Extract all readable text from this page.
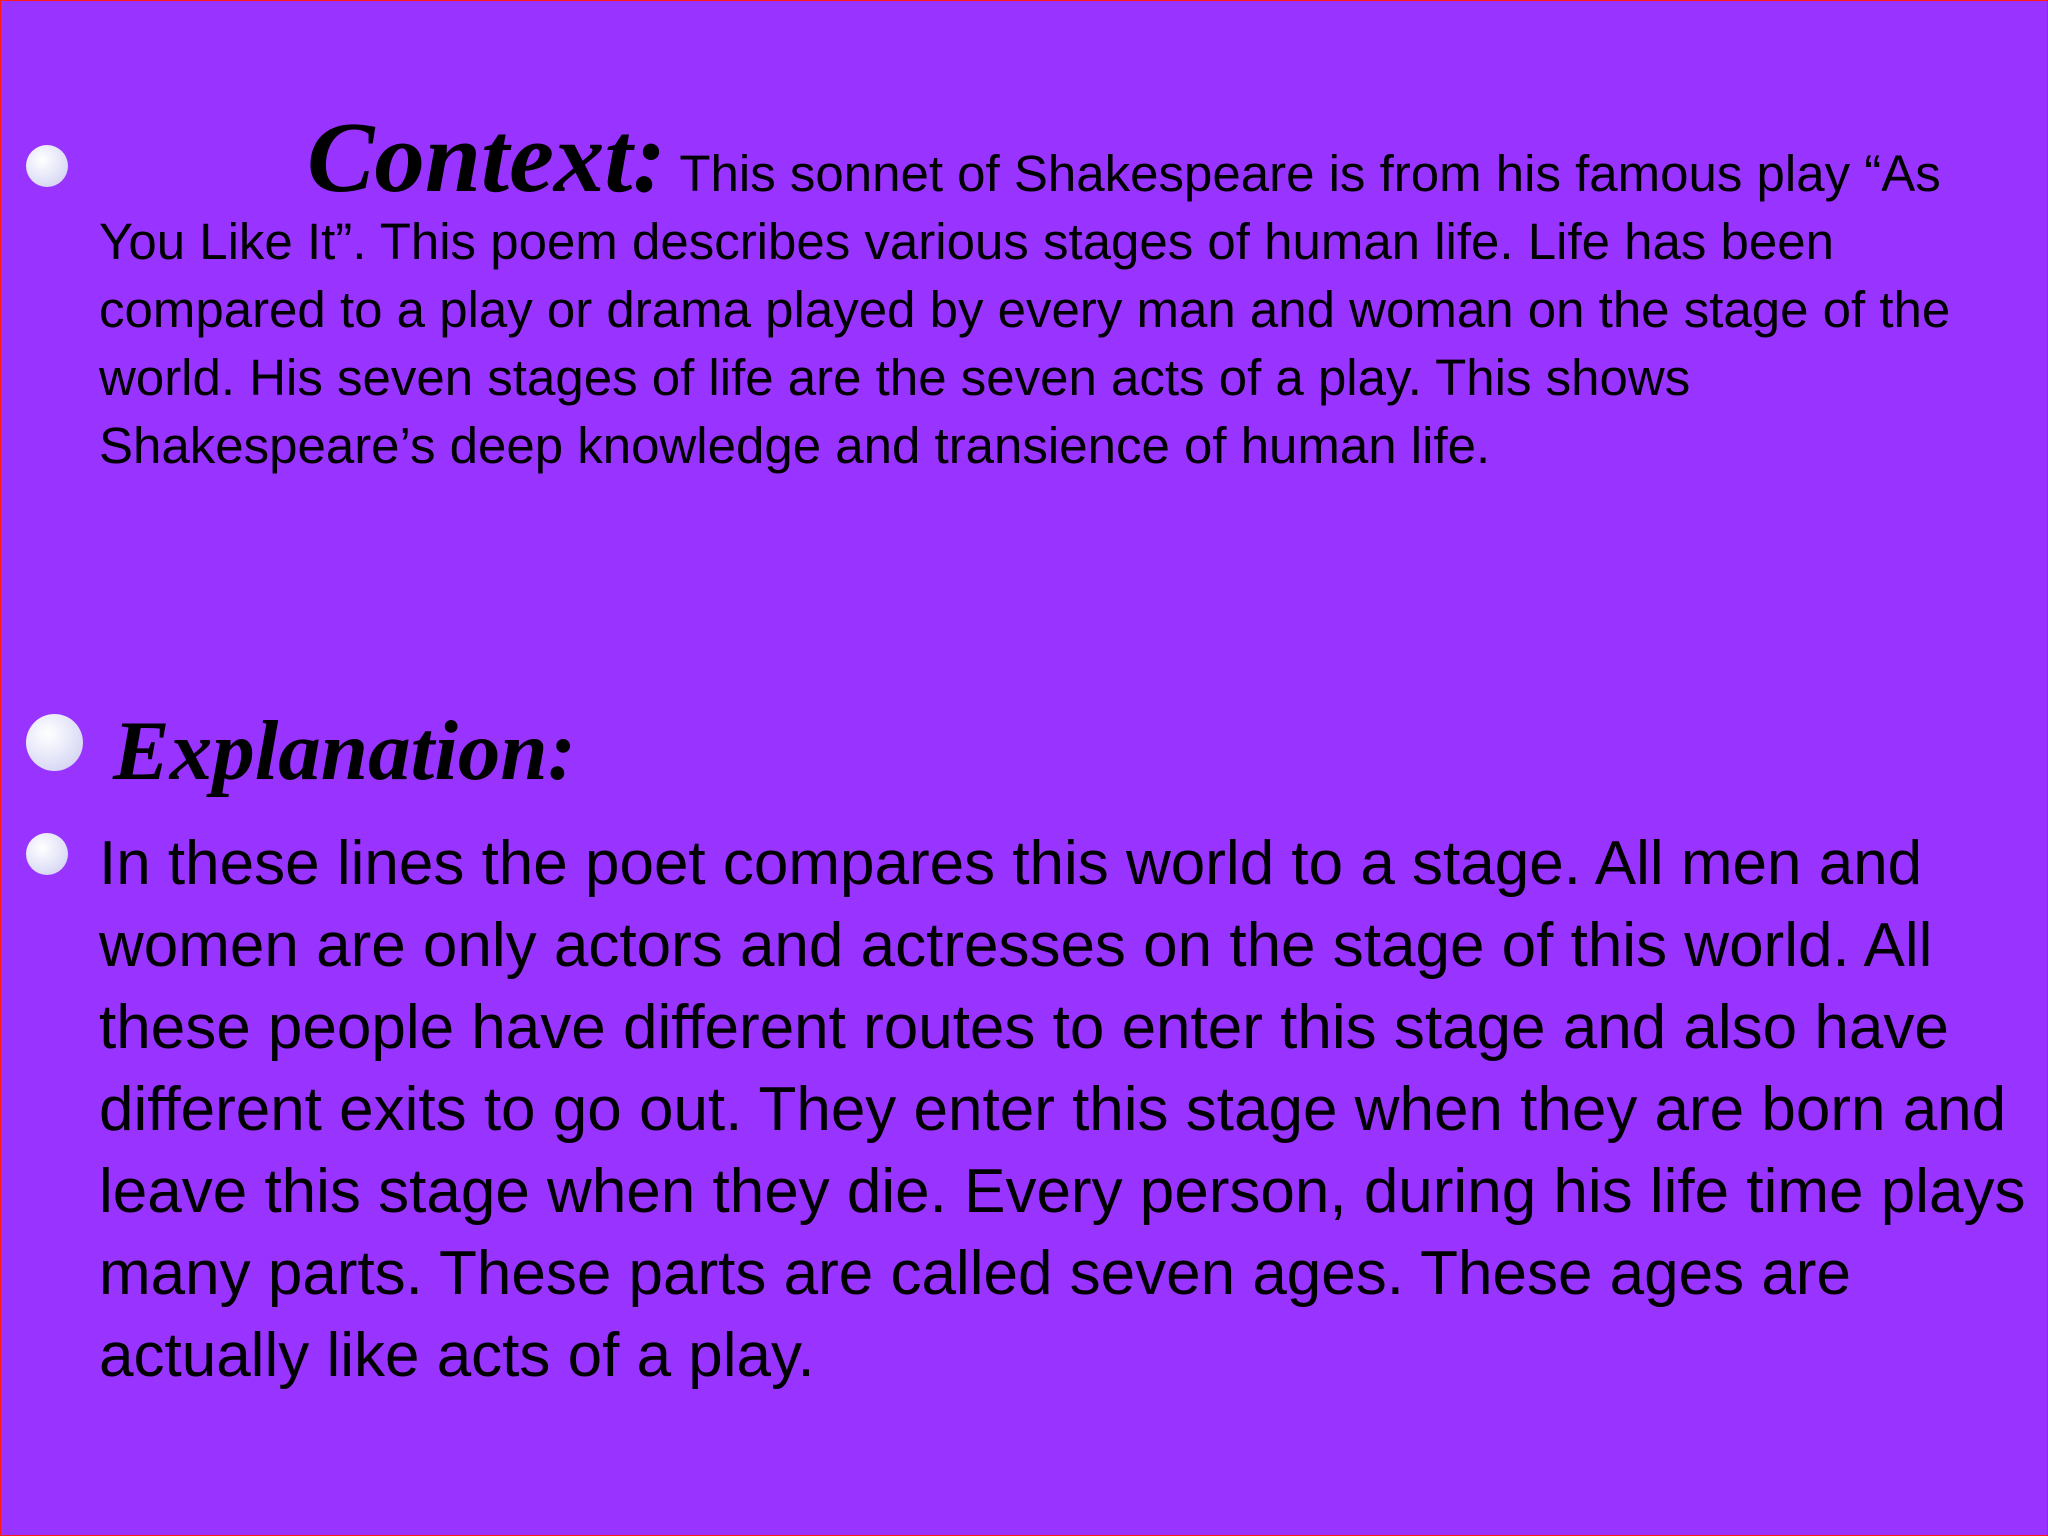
Context: This sonnet of Shakespeare is from his famous play “As You Like It”. This poem describes various stages of human life. Life has been compared to a play or drama played by every man and woman on the stage of the world. His seven stages of life are the seven acts of a play. This shows Shakespeare’s deep knowledge and transience of human life.

Explanation:

In these lines the poet compares this world to a stage. All men and women are only actors and actresses on the stage of this world. All these people have different routes to enter this stage and also have different exits to go out. They enter this stage when they are born and leave this stage when they die. Every person, during his life time plays many parts. These parts are called seven ages. These ages are actually like acts of a play.
